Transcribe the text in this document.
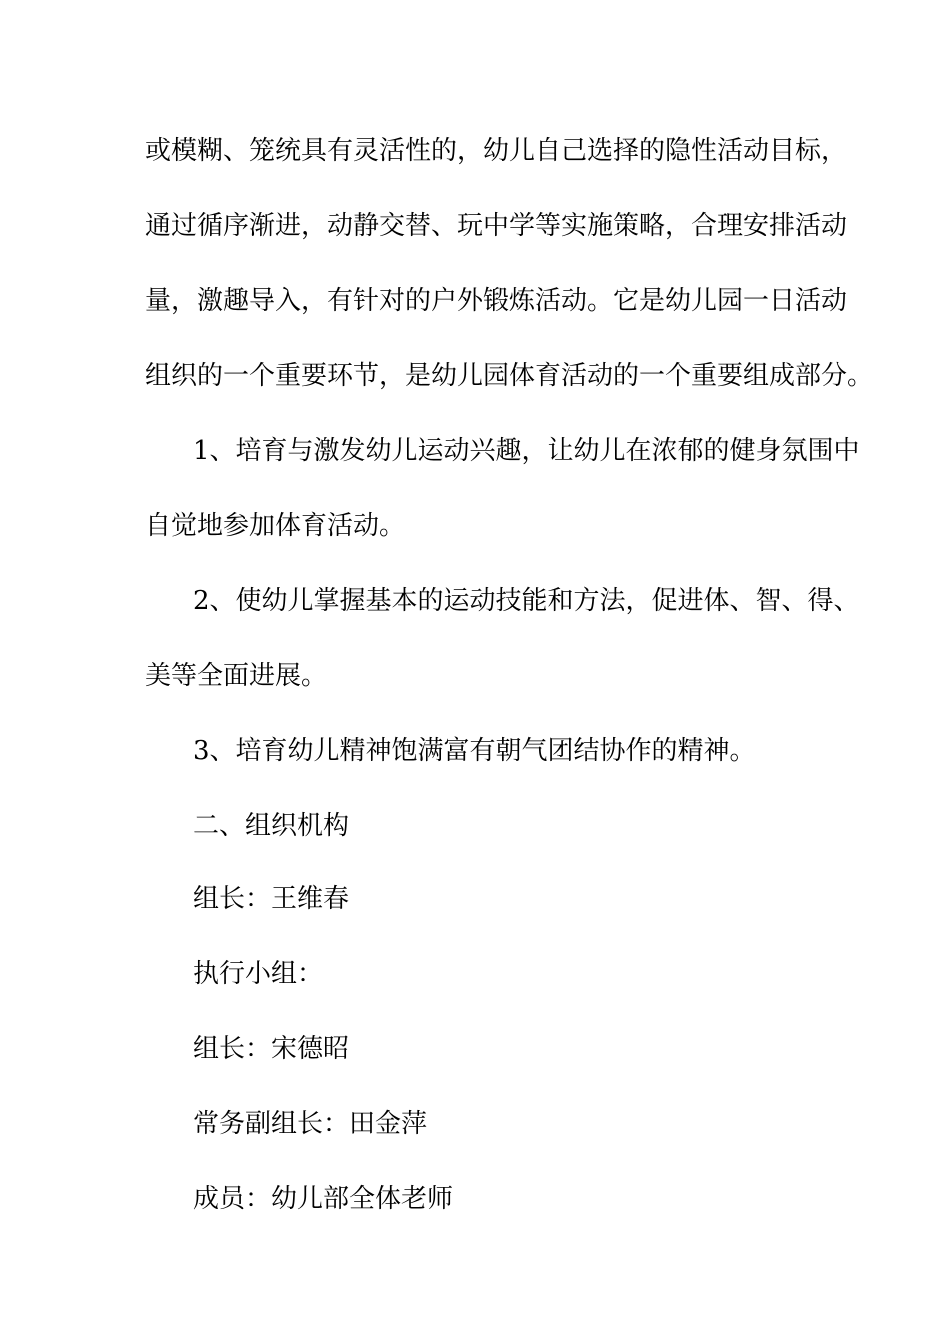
或模糊、笼统具有灵活性的，幼儿自己选择的隐性活动目标，
通过循序渐进，动静交替、玩中学等实施策略，合理安排活动
量，激趣导入，有针对的户外锻炼活动。它是幼儿园一日活动
组织的一个重要环节，是幼儿园体育活动的一个重要组成部分。
1、培育与激发幼儿运动兴趣，让幼儿在浓郁的健身氛围中
自觉地参加体育活动。
2、使幼儿掌握基本的运动技能和方法，促进体、智、得、
美等全面进展。
3、培育幼儿精神饱满富有朝气团结协作的精神。
二、组织机构
组长：王维春
执行小组：
组长：宋德昭
常务副组长：田金萍
成员：幼儿部全体老师
